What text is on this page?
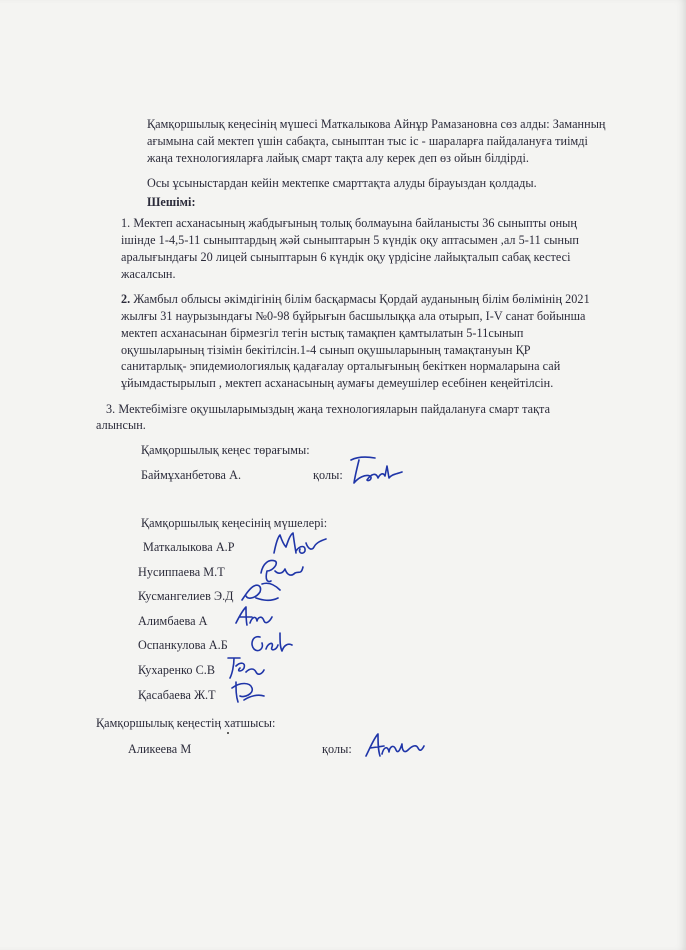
Қамқоршылық кеңесінің мүшесі Маткалыкова Айнұр Рамазановна сөз алды: Заманның
ағымына сай мектеп үшін сабақта, сыныптан тыс іс - шараларға пайдалануға тиімді
жаңа технологияларға лайық смарт тақта алу керек деп өз ойын білдірді.
Осы ұсыныстардан кейін мектепке смарттақта алуды бірауыздан қолдады.
Шешімі:
1. Мектеп асханасының жабдығының толық болмауына байланысты 36 сыныпты оның
ішінде 1-4,5-11 сыныптардың жәй сыныптарын 5 күндік оқу аптасымен ,ал 5-11 сынып
аралығындағы 20 лицей сыныптарын 6 күндік оқу үрдісіне лайықталып сабақ кестесі
жасалсын.
2. Жамбыл облысы әкімдігінің білім басқармасы Қордай ауданының білім бөлімінің 2021
жылғы 31 наурызындағы №0-98 бұйрығын басшылыққа ала отырып, I-V санат бойынша
мектеп асханасынан бірмезгіл тегін ыстық тамақпен қамтылатын 5-11сынып
оқушыларының тізімін бекітілсін.1-4 сынып оқушыларының тамақтануын ҚР
санитарлық- эпидемиологиялық қадағалау орталығының бекіткен нормаларына сай
ұйымдастырылып , мектеп асханасының аумағы демеушілер есебінен кеңейтілсін.
3. Мектебімізге оқушыларымыздың жаңа технологияларын пайдалануға смарт тақта
алынсын.
Қамқоршылық кеңес төрағымы:
Баймұханбетова А.	қолы:
Қамқоршылық кеңесінің мүшелері:
Маткалыкова А.Р
Нусиппаева М.Т
Кусмангелиев Э.Д
Алимбаева А
Оспанкулова А.Б
Кухаренко С.В
Қасабаева Ж.Т
Қамқоршылық кеңестің хатшысы:
Аликеева М	қолы:
